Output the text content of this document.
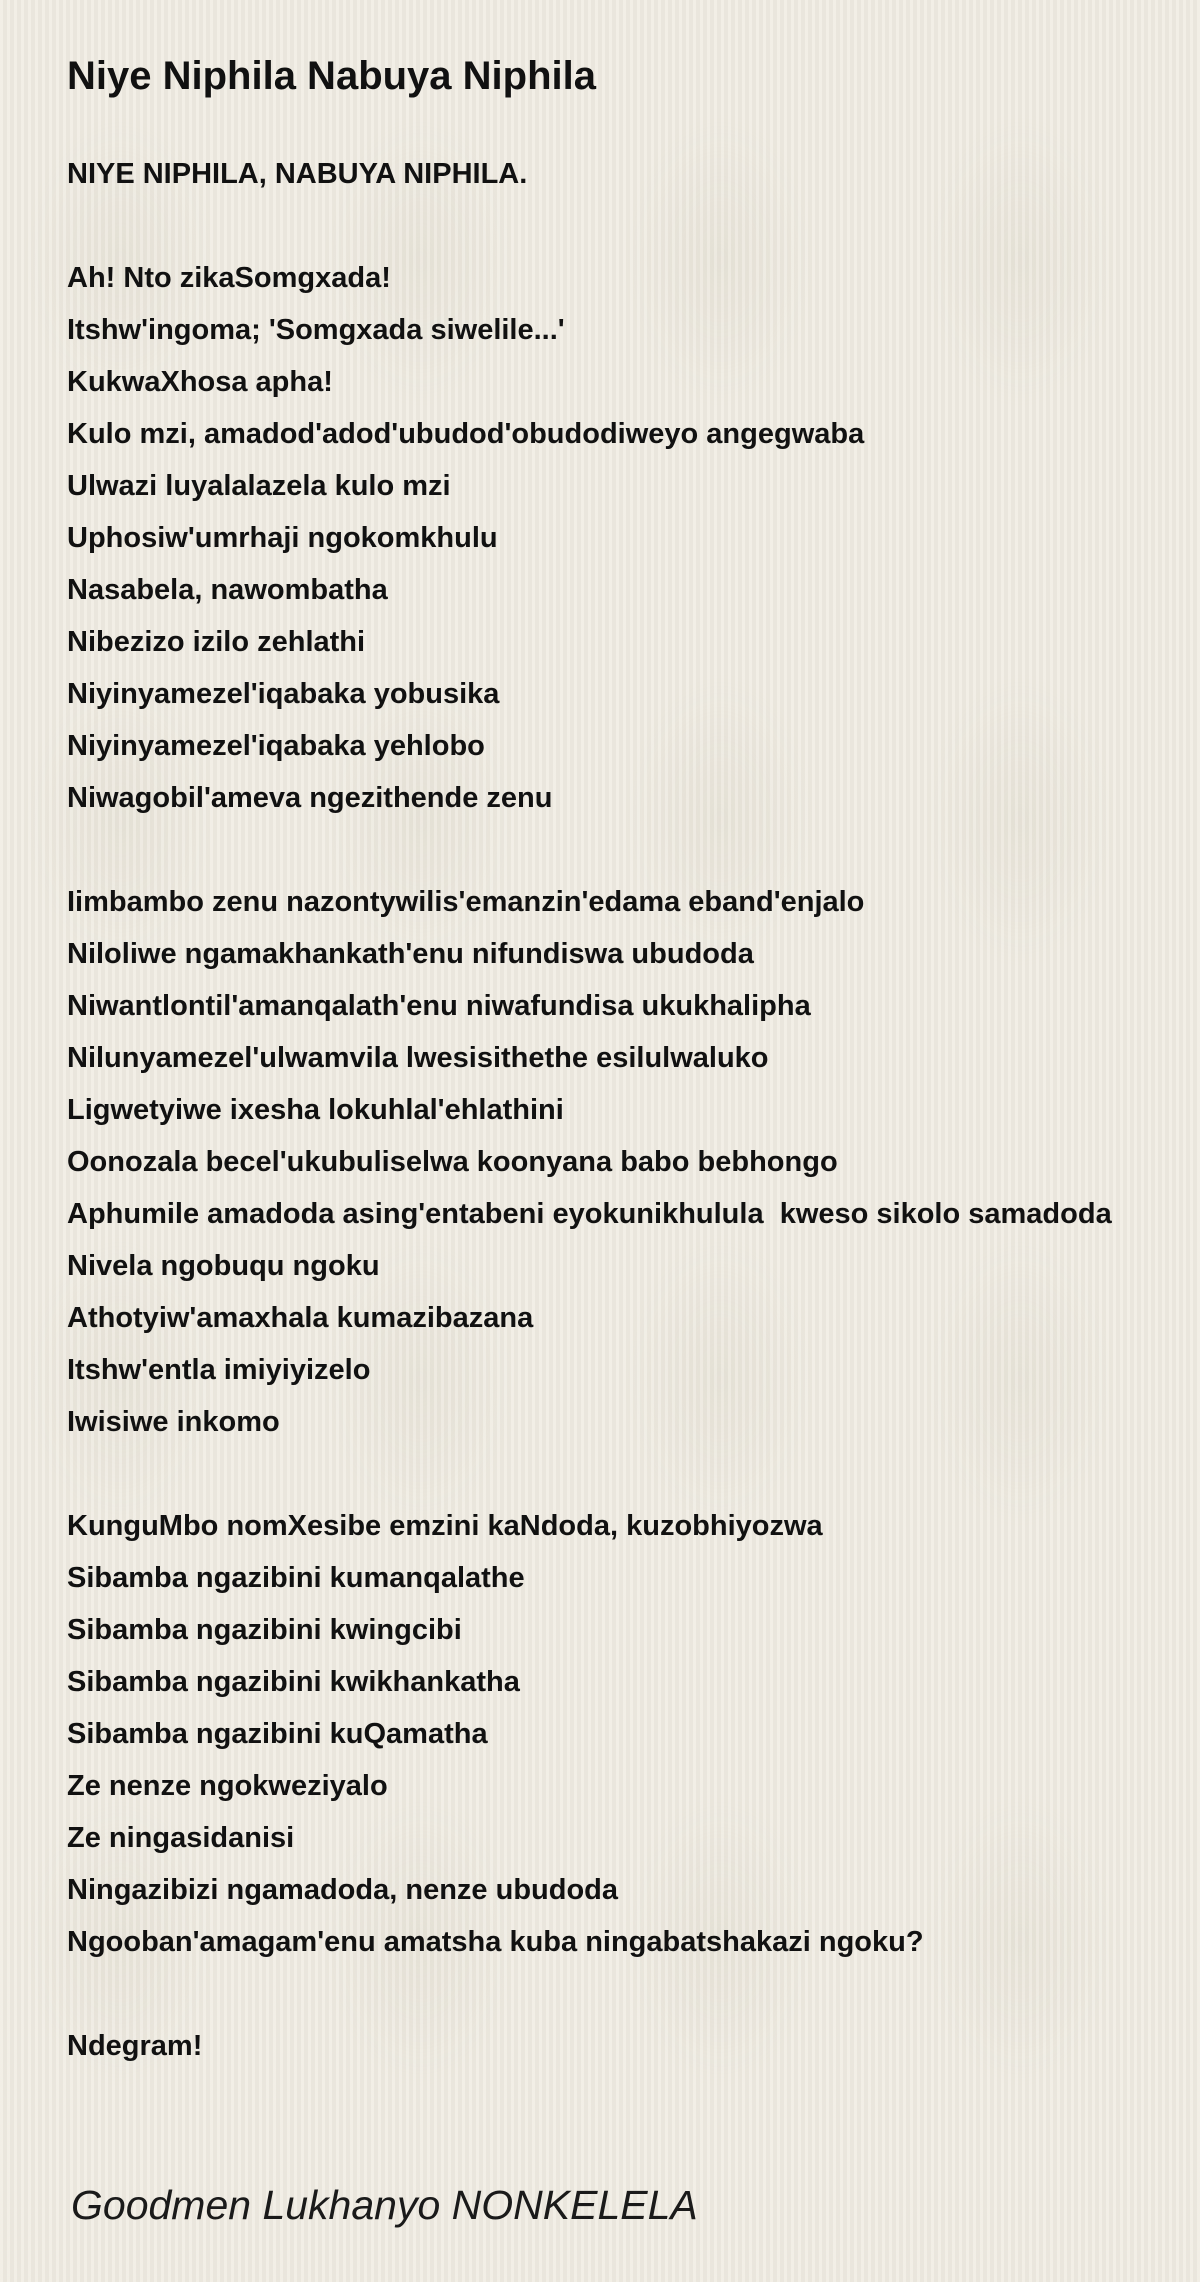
Niye Niphila Nabuya Niphila
NIYE NIPHILA, NABUYA NIPHILA.
Ah! Nto zikaSomgxada!
Itshw'ingoma; 'Somgxada siwelile...'
KukwaXhosa apha!
Kulo mzi, amadod'adod'ubudod'obudodiweyo angegwaba
Ulwazi luyalalazela kulo mzi
Uphosiw'umrhaji ngokomkhulu
Nasabela, nawombatha
Nibezizo izilo zehlathi
Niyinyamezel'iqabaka yobusika
Niyinyamezel'iqabaka yehlobo
Niwagobil'ameva ngezithende zenu
Iimbambo zenu nazontywilis'emanzin'edama eband'enjalo
Niloliwe ngamakhankath'enu nifundiswa ubudoda
Niwantlontil'amanqalath'enu niwafundisa ukukhalipha
Nilunyamezel'ulwamvila lwesisithethe esilulwaluko
Ligwetyiwe ixesha lokuhlal'ehlathini
Oonozala becel'ukubuliselwa koonyana babo bebhongo
Aphumile amadoda asing'entabeni eyokunikhulula  kweso sikolo samadoda
Nivela ngobuqu ngoku
Athotyiw'amaxhala kumazibazana
Itshw'entla imiyiyizelo
Iwisiwe inkomo
KunguMbo nomXesibe emzini kaNdoda, kuzobhiyozwa
Sibamba ngazibini kumanqalathe
Sibamba ngazibini kwingcibi
Sibamba ngazibini kwikhankatha
Sibamba ngazibini kuQamatha
Ze nenze ngokweziyalo
Ze ningasidanisi
Ningazibizi ngamadoda, nenze ubudoda
Ngooban'amagam'enu amatsha kuba ningabatshakazi ngoku?
Ndegram!
Goodmen Lukhanyo NONKELELA
